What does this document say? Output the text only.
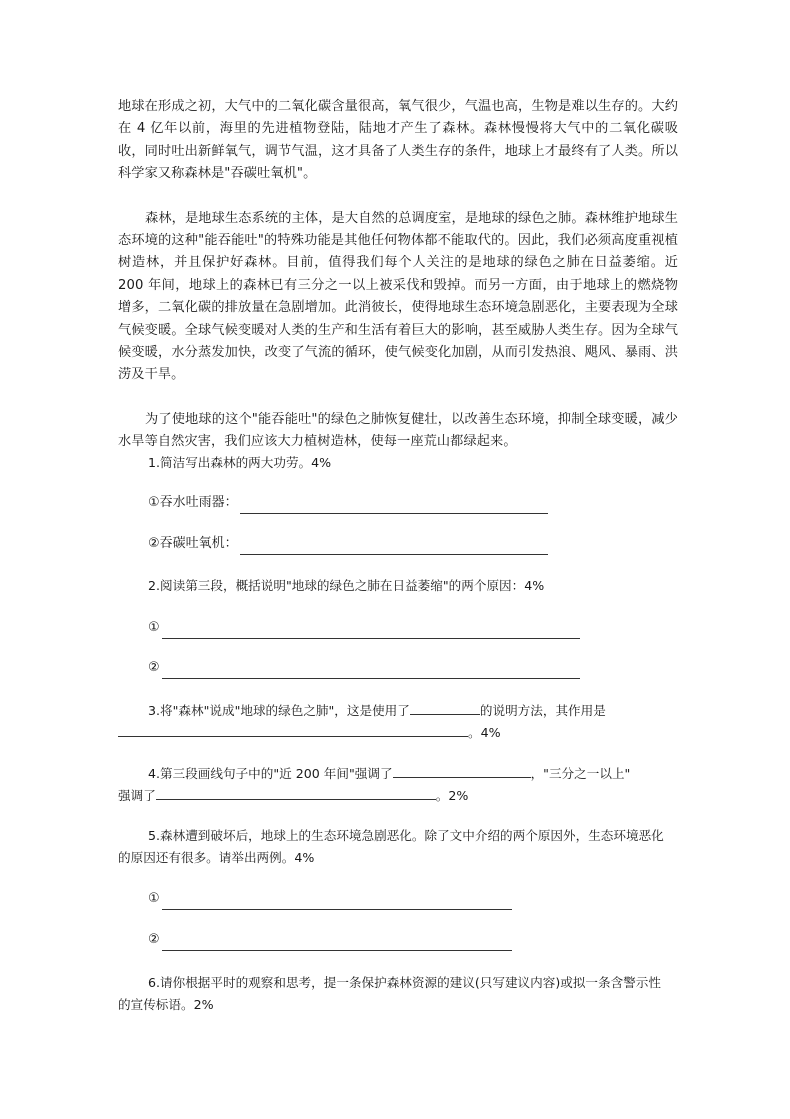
地球在形成之初，大气中的二氧化碳含量很高，氧气很少，气温也高，生物是难以生存的。大约在 4 亿年以前，海里的先进植物登陆，陆地才产生了森林。森林慢慢将大气中的二氧化碳吸收，同时吐出新鲜氧气，调节气温，这才具备了人类生存的条件，地球上才最终有了人类。所以科学家又称森林是"吞碳吐氧机"。

森林，是地球生态系统的主体，是大自然的总调度室，是地球的绿色之肺。森林维护地球生态环境的这种"能吞能吐"的特殊功能是其他任何物体都不能取代的。因此，我们必须高度重视植树造林，并且保护好森林。目前，值得我们每个人关注的是地球的绿色之肺在日益萎缩。近 200 年间，地球上的森林已有三分之一以上被采伐和毁掉。而另一方面，由于地球上的燃烧物增多，二氧化碳的排放量在急剧增加。此消彼长，使得地球生态环境急剧恶化，主要表现为全球气候变暖。全球气候变暖对人类的生产和生活有着巨大的影响，甚至威胁人类生存。因为全球气候变暖，水分蒸发加快，改变了气流的循环，使气候变化加剧，从而引发热浪、飓风、暴雨、洪涝及干旱。

为了使地球的这个"能吞能吐"的绿色之肺恢复健壮，以改善生态环境，抑制全球变暖，减少水旱等自然灾害，我们应该大力植树造林，使每一座荒山都绿起来。

1.简洁写出森林的两大功劳。4%
①吞水吐雨器：
②吞碳吐氧机：
2.阅读第三段，概括说明"地球的绿色之肺在日益萎缩"的两个原因：4%
①
②
3.将"森林"说成"地球的绿色之肺"，这是使用了	的说明方法，其作用是
。4%
4.第三段画线句子中的"近 200 年间"强调了	，"三分之一以上"
强调了	。2%
5.森林遭到破坏后，地球上的生态环境急剧恶化。除了文中介绍的两个原因外，生态环境恶化的原因还有很多。请举出两例。4%
①
②
6.请你根据平时的观察和思考，提一条保护森林资源的建议(只写建议内容)或拟一条含警示性的宣传标语。2%
